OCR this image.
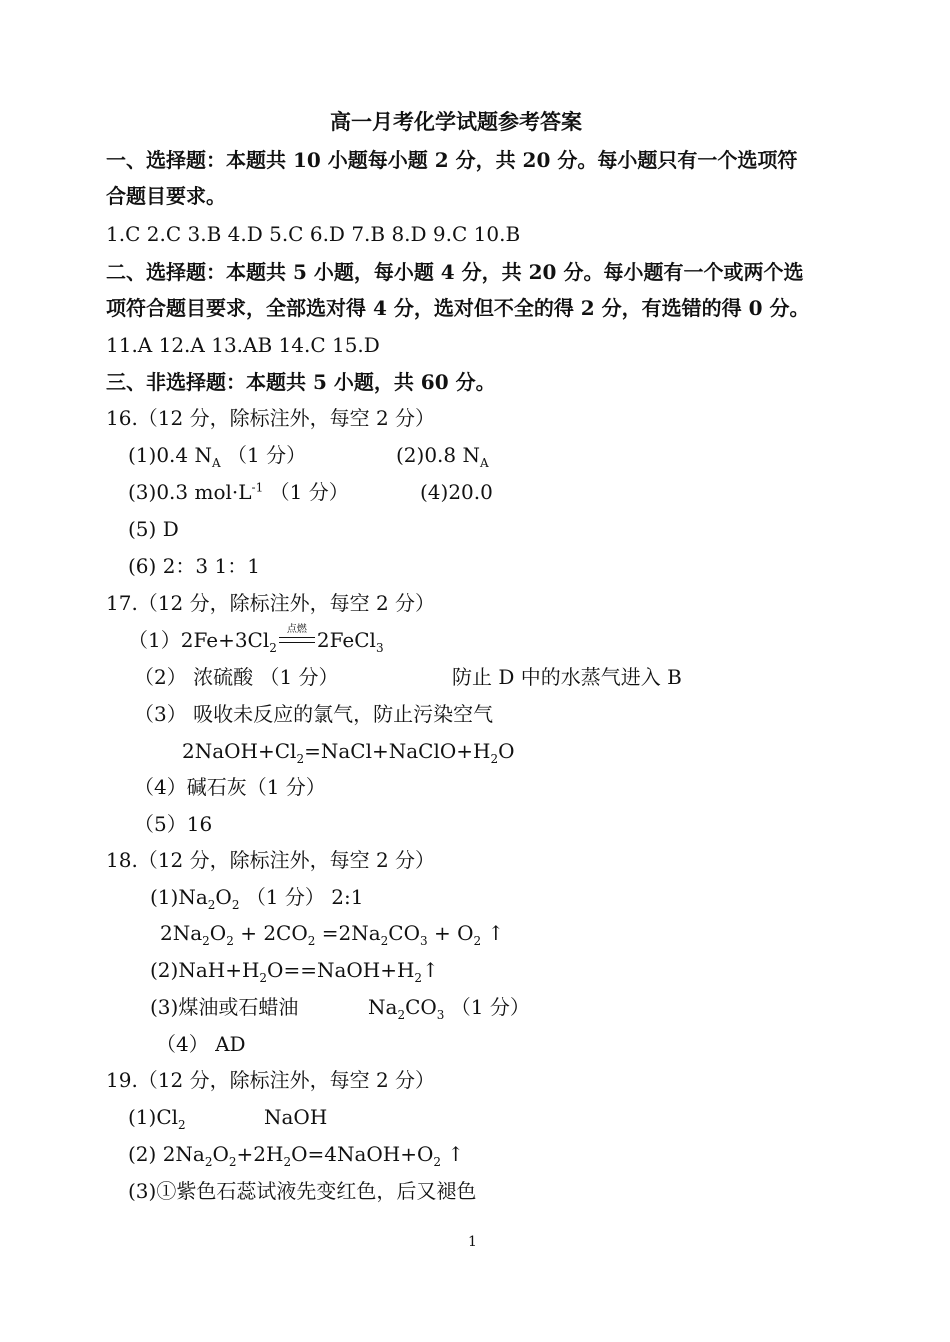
高一月考化学试题参考答案
一、选择题：本题共 10 小题每小题 2 分，共 20 分。每小题只有一个选项符
合题目要求。
1.C 2.C 3.B 4.D 5.C 6.D 7.B 8.D 9.C 10.B
二、选择题：本题共 5 小题，每小题 4 分，共 20 分。每小题有一个或两个选
项符合题目要求，全部选对得 4 分，选对但不全的得 2 分，有选错的得 0 分。
11.A 12.A 13.AB 14.C 15.D
三、非选择题：本题共 5 小题，共 60 分。
16.（12 分，除标注外，每空 2 分）
(1)0.4 $N_A$ （1 分）	(2)0.8 $N_A$
(3)0.3 $mol\cdot L^{-1}$ （1 分）	(4)20.0
(5) D
(6) 2：3 1：1
17.（12 分，除标注外，每空 2 分）
$(1)2Fe+3Cl_2$
点燃 2FeCl$_3$
（2） 浓硫酸 （1 分）	防止 D 中的水蒸气进入 B
（3） 吸收未反应的氯气，防止污染空气
$2NaOH+Cl_2=NaCl+NaClO+H_2O$
（4）碱石灰（1 分）
（5）16
18.（12 分，除标注外，每空 2 分）
$(1)Na_2O_2$ （1 分） 2:1
$2Na_2O_2 + 2CO_2 =2Na_2CO_3 + O_2$ ↑
$(2)NaH+H_2O==NaOH+H_2↑$
(3)煤油或石蜡油	$Na_2CO_3$ （1 分）
（4） AD
19.（12 分，除标注外，每空 2 分）
$(1)Cl_2$	NaOH
(2) $2Na_2O_2+2H_2O=4NaOH+O_2$ ↑
(3)①紫色石蕊试液先变红色，后又褪色
1
